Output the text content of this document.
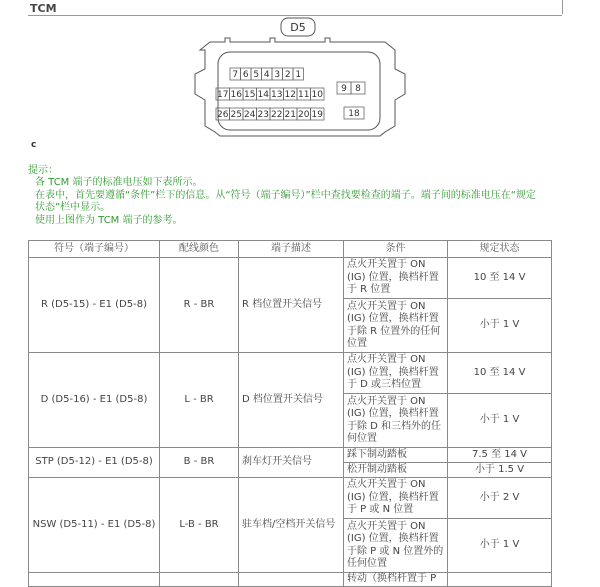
TCM
D5
7 6 5 4 3 2 1
17 16 15 14 13 12 11 10
26 25 24 23 22 21 20 19
9 8
18
c
提示：
各 TCM 端子的标准电压如下表所示。
在表中，首先要遵循“条件”栏下的信息。从“符号（端子编号）”栏中查找要检查的端子。端子间的标准电压在“规定
状态”栏中显示。
使用上图作为 TCM 端子的参考。
符号（端子编号）	配线颜色	端子描述	条件	规定状态
R (D5-15) - E1 (D5-8)	R - BR	R 档位置开关信号	点火开关置于 ON (IG) 位置，换档杆置于 R 位置	10 至 14 V
			点火开关置于 ON (IG) 位置，换档杆置于除 R 位置外的任何位置	小于 1 V
D (D5-16) - E1 (D5-8)	L - BR	D 档位置开关信号	点火开关置于 ON (IG) 位置，换档杆置于 D 或三档位置	10 至 14 V
			点火开关置于 ON (IG) 位置，换档杆置于除 D 和三档外的任何位置	小于 1 V
STP (D5-12) - E1 (D5-8)	B - BR	刹车灯开关信号	踩下制动踏板	7.5 至 14 V
			松开制动踏板	小于 1.5 V
NSW (D5-11) - E1 (D5-8)	L-B - BR	驻车档/空档开关信号	点火开关置于 ON (IG) 位置，换档杆置于 P 或 N 位置	小于 2 V
			点火开关置于 ON (IG) 位置，换档杆置于除 P 或 N 位置外的任何位置	小于 1 V
			转动（换档杆置于 P	
